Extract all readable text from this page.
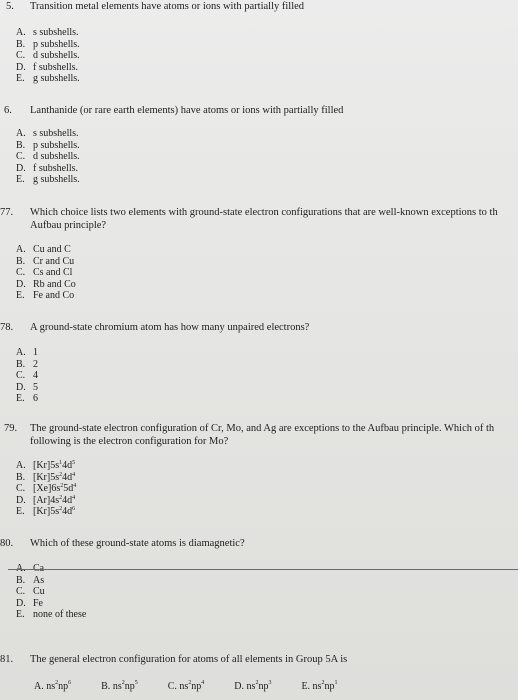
5.	Transition metal elements have atoms or ions with partially filled
A. s subshells.
B. p subshells.
C. d subshells.
D. f subshells.
E. g subshells.
6.	Lanthanide (or rare earth elements) have atoms or ions with partially filled
A. s subshells.
B. p subshells.
C. d subshells.
D. f subshells.
E. g subshells.
77.	Which choice lists two elements with ground-state electron configurations that are well-known exceptions to th Aufbau principle?
A. Cu and C
B. Cr and Cu
C. Cs and Cl
D. Rb and Co
E. Fe and Co
78.	A ground-state chromium atom has how many unpaired electrons?
A. 1
B. 2
C. 4
D. 5
E. 6
79.	The ground-state electron configuration of Cr, Mo, and Ag are exceptions to the Aufbau principle. Which of th following is the electron configuration for Mo?
A. $[Kr]5s^14d^5$
B. $[Kr]5s^24d^4$
C. $[Xe]6s^25d^4$
D. $[Ar]4s^24d^4$
E. $[Kr]5s^24d^6$
80.	Which of these ground-state atoms is diamagnetic?
B. As
C. Cu
D. Fe
E. none of these
81.	The general electron configuration for atoms of all elements in Group 5A is
A. $ns^2np^6$	B. $ns^2np^5$	C. $ns^2np^4$	D. $ns^2np^3$	E. $ns^2np^1$
